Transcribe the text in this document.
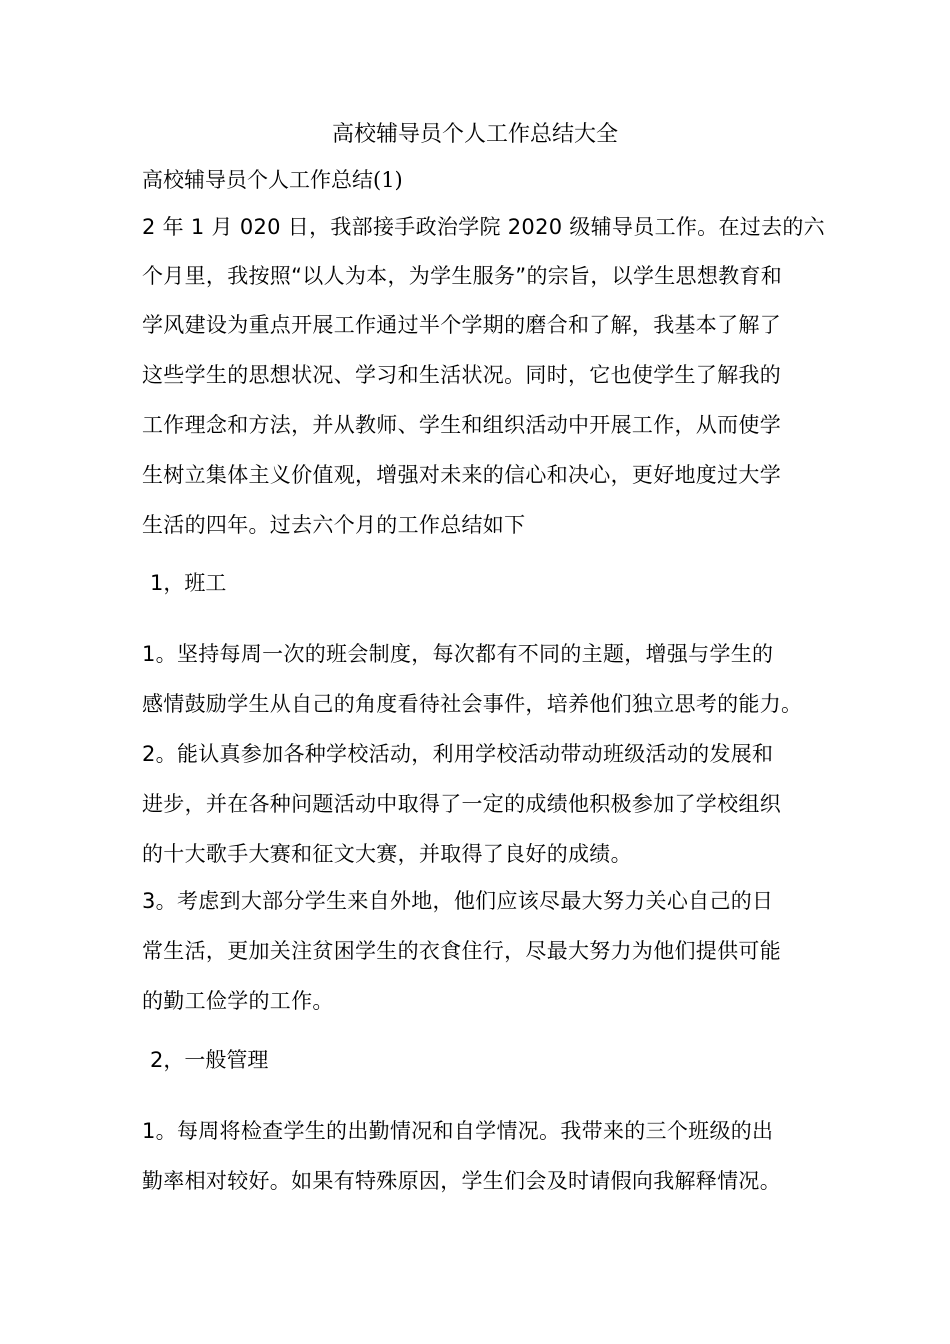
高校辅导员个人工作总结大全

高校辅导员个人工作总结(1)

2 年 1 月 020 日，我部接手政治学院 2020 级辅导员工作。在过去的六
个月里，我按照“以人为本，为学生服务”的宗旨，以学生思想教育和
学风建设为重点开展工作通过半个学期的磨合和了解，我基本了解了
这些学生的思想状况、学习和生活状况。同时，它也使学生了解我的
工作理念和方法，并从教师、学生和组织活动中开展工作，从而使学
生树立集体主义价值观，增强对未来的信心和决心，更好地度过大学
生活的四年。过去六个月的工作总结如下
1，班工
1。坚持每周一次的班会制度，每次都有不同的主题，增强与学生的
感情鼓励学生从自己的角度看待社会事件，培养他们独立思考的能力。
2。能认真参加各种学校活动，利用学校活动带动班级活动的发展和
进步，并在各种问题活动中取得了一定的成绩他积极参加了学校组织
的十大歌手大赛和征文大赛，并取得了良好的成绩。
3。考虑到大部分学生来自外地，他们应该尽最大努力关心自己的日
常生活，更加关注贫困学生的衣食住行，尽最大努力为他们提供可能
的勤工俭学的工作。
2，一般管理
1。每周将检查学生的出勤情况和自学情况。我带来的三个班级的出
勤率相对较好。如果有特殊原因，学生们会及时请假向我解释情况。
